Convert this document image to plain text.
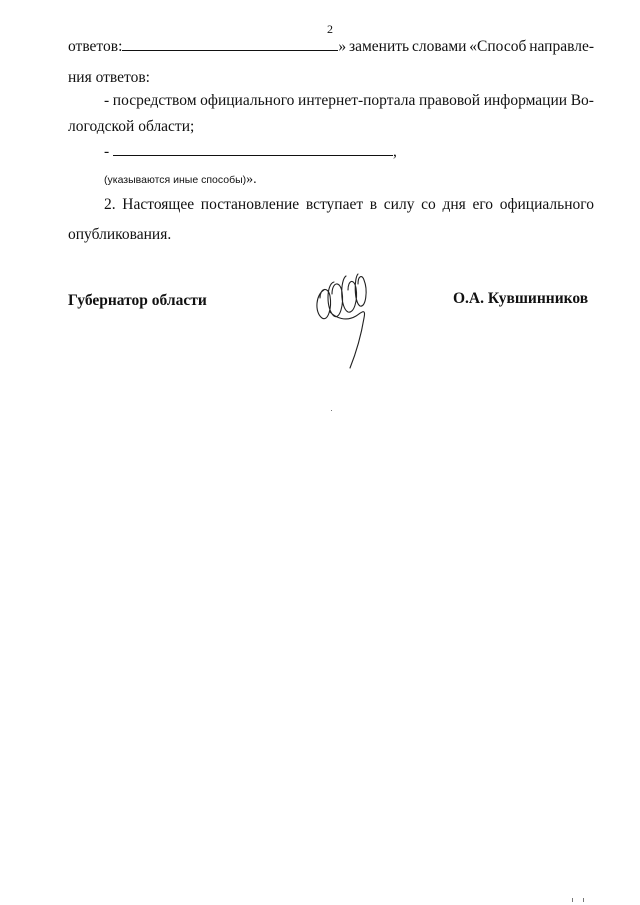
2
ответов:	» заменить словами «Способ направле-
ния ответов:
- посредством официального интернет-портала правовой информации Во-
логодской области;
-	,
(указываются иные способы)».
2. Настоящее постановление вступает в силу со дня его официального
опубликования.
Губернатор области	О.А. Кувшинников
